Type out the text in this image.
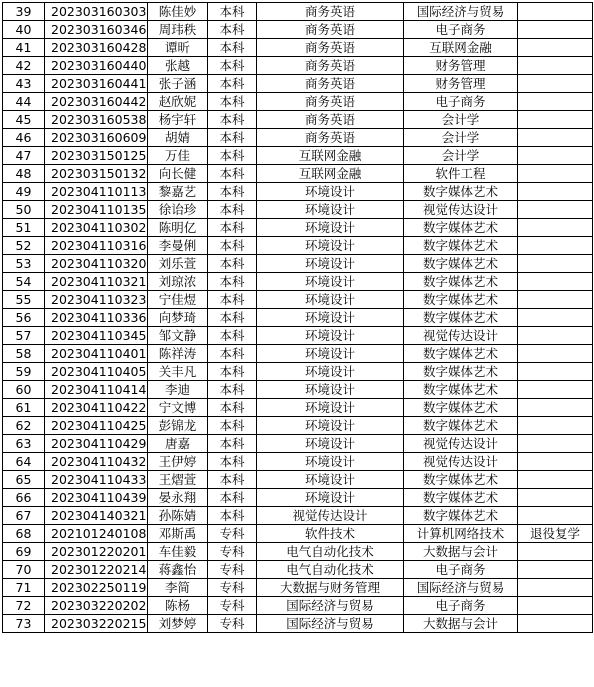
39	202303160303	陈佳妙	本科	商务英语	国际经济与贸易	
40	202303160346	周玮秩	本科	商务英语	电子商务	
41	202303160428	谭昕	本科	商务英语	互联网金融	
42	202303160440	张越	本科	商务英语	财务管理	
43	202303160441	张子涵	本科	商务英语	财务管理	
44	202303160442	赵欣妮	本科	商务英语	电子商务	
45	202303160538	杨宇轩	本科	商务英语	会计学	
46	202303160609	胡婧	本科	商务英语	会计学	
47	202303150125	万佳	本科	互联网金融	会计学	
48	202303150132	向长健	本科	互联网金融	软件工程	
49	202304110113	黎嘉艺	本科	环境设计	数字媒体艺术	
50	202304110135	徐诒珍	本科	环境设计	视觉传达设计	
51	202304110302	陈明亿	本科	环境设计	数字媒体艺术	
52	202304110316	李曼俐	本科	环境设计	数字媒体艺术	
53	202304110320	刘乐萱	本科	环境设计	数字媒体艺术	
54	202304110321	刘琼浓	本科	环境设计	数字媒体艺术	
55	202304110323	宁佳煜	本科	环境设计	数字媒体艺术	
56	202304110336	向梦琦	本科	环境设计	数字媒体艺术	
57	202304110345	邹文静	本科	环境设计	视觉传达设计	
58	202304110401	陈祥涛	本科	环境设计	数字媒体艺术	
59	202304110405	关丰凡	本科	环境设计	数字媒体艺术	
60	202304110414	李迪	本科	环境设计	数字媒体艺术	
61	202304110422	宁文博	本科	环境设计	数字媒体艺术	
62	202304110425	彭锦龙	本科	环境设计	数字媒体艺术	
63	202304110429	唐嘉	本科	环境设计	视觉传达设计	
64	202304110432	王伊婷	本科	环境设计	视觉传达设计	
65	202304110433	王熠萱	本科	环境设计	数字媒体艺术	
66	202304110439	晏永翔	本科	环境设计	数字媒体艺术	
67	202304140321	孙陈婧	本科	视觉传达设计	数字媒体艺术	
68	202101240108	邓斯禹	专科	软件技术	计算机网络技术	退役复学
69	202301220201	车佳毅	专科	电气自动化技术	大数据与会计	
70	202301220214	蒋鑫怡	专科	电气自动化技术	电子商务	
71	202302250119	李简	专科	大数据与财务管理	国际经济与贸易	
72	202303220202	陈杨	专科	国际经济与贸易	电子商务	
73	202303220215	刘梦婷	专科	国际经济与贸易	大数据与会计	
